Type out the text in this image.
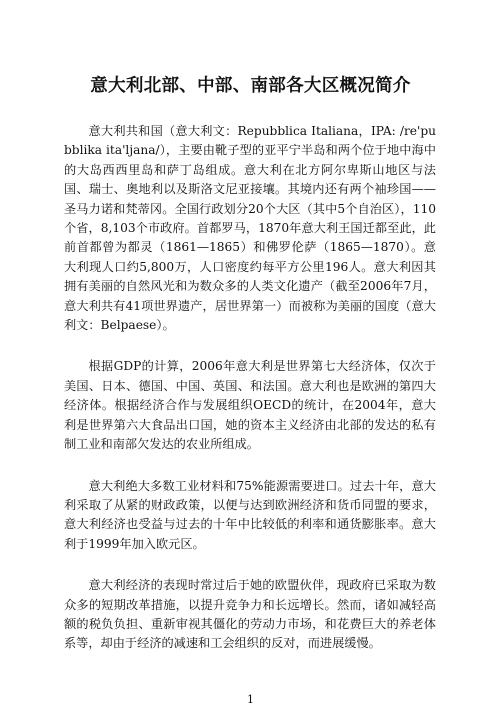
意大利北部、中部、南部各大区概况简介

意大利共和国（意大利文：Repubblica Italiana，IPA: /re'pubblika ita'ljana/），主要由靴子型的亚平宁半岛和两个位于地中海中的大岛西西里岛和萨丁岛组成。意大利在北方阿尔卑斯山地区与法国、瑞士、奥地利以及斯洛文尼亚接壤。其境内还有两个袖珍国——圣马力诺和梵蒂冈。全国行政划分20个大区（其中5个自治区），110个省，8,103个市政府。首都罗马，1870年意大利王国迁都至此，此前首都曾为都灵（1861—1865）和佛罗伦萨（1865—1870）。意大利现人口约5,800万，人口密度约每平方公里196人。意大利因其拥有美丽的自然风光和为数众多的人类文化遗产（截至2006年7月，意大利共有41项世界遗产，居世界第一）而被称为美丽的国度（意大利文：Belpaese）。

根据GDP的计算，2006年意大利是世界第七大经济体，仅次于美国、日本、德国、中国、英国、和法国。意大利也是欧洲的第四大经济体。根据经济合作与发展组织OECD的统计，在2004年，意大利是世界第六大食品出口国，她的资本主义经济由北部的发达的私有制工业和南部欠发达的农业所组成。

意大利绝大多数工业材料和75%能源需要进口。过去十年，意大利采取了从紧的财政政策，以便与达到欧洲经济和货币同盟的要求，意大利经济也受益与过去的十年中比较低的利率和通货膨胀率。意大利于1999年加入欧元区。

意大利经济的表现时常过后于她的欧盟伙伴，现政府已采取为数众多的短期改革措施，以提升竞争力和长远增长。然而，诸如减轻高额的税负负担、重新审视其僵化的劳动力市场，和花费巨大的养老体系等，却由于经济的减速和工会组织的反对，而进展缓慢。

1
